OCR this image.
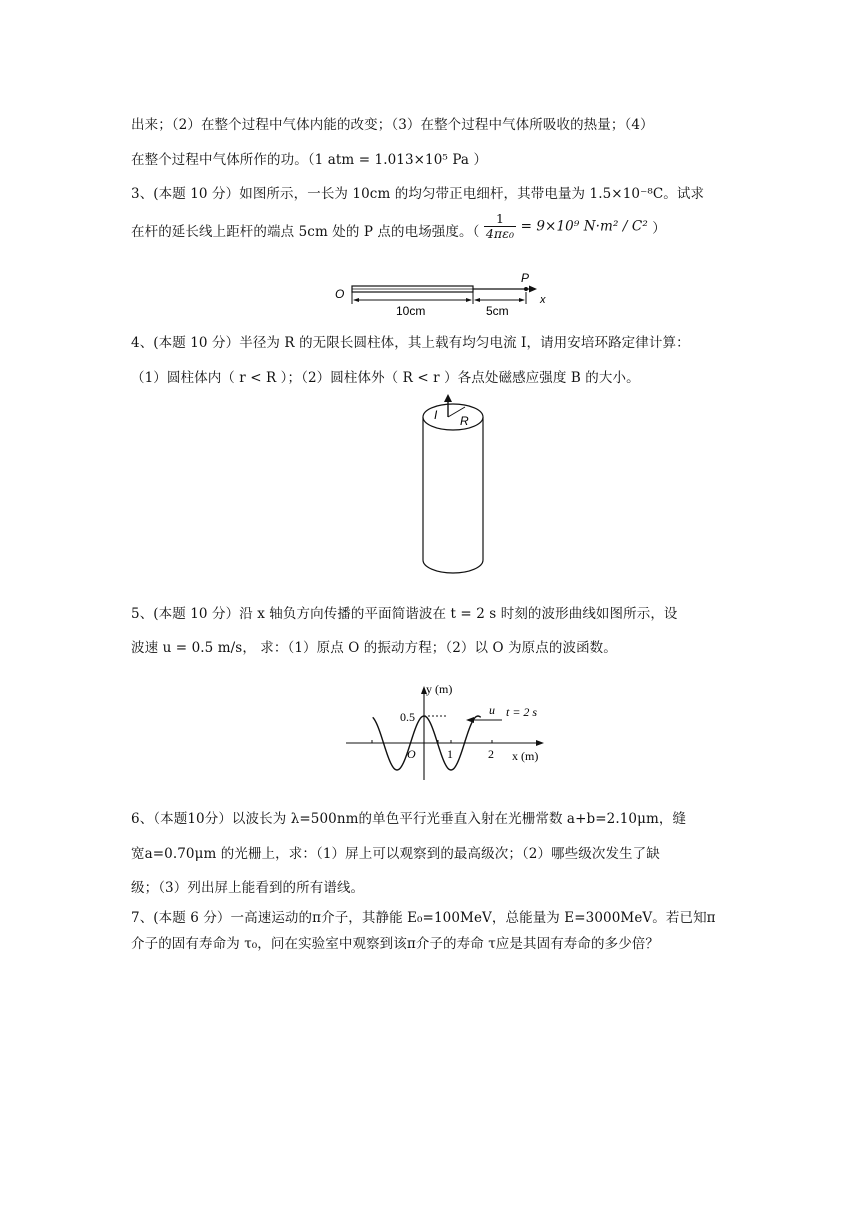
出来；（2）在整个过程中气体内能的改变；（3）在整个过程中气体所吸收的热量；（4）
在整个过程中气体所作的功。（1 atm = 1.013×10⁵ Pa ）
3、(本题 10 分）如图所示，一长为 10cm 的均匀带正电细杆，其带电量为 1.5×10⁻⁸C。试求
在杆的延长线上距杆的端点 5cm 处的 P 点的电场强度。（ $\frac{1}{\text{4πε₀}} = 9\times 10^9$ N·m² / C² ）
O	x
P
10cm	5cm
4、(本题 10 分）半径为 R 的无限长圆柱体，其上载有均匀电流 I，请用安培环路定律计算：
（1）圆柱体内（ r < R ）；（2）圆柱体外（ R < r ）各点处磁感应强度 B 的大小。
I R
5、(本题 10 分）沿 x 轴负方向传播的平面简谐波在 t = 2 s 时刻的波形曲线如图所示，设
波速 u = 0.5 m/s， 求：（1）原点 O 的振动方程；（2）以 O 为原点的波函数。
y (m)
x (m)
0.5
O	1	2
u t = 2 s
6、（本题10分）以波长为 λ=500nm的单色平行光垂直入射在光栅常数 a+b=2.10μm，缝
宽a=0.70μm 的光栅上，求：（1）屏上可以观察到的最高级次；（2）哪些级次发生了缺
级；（3）列出屏上能看到的所有谱线。
7、(本题 6 分）一高速运动的π介子，其静能 E₀=100MeV，总能量为 E=3000MeV。若已知π
介子的固有寿命为 τ₀，问在实验室中观察到该π介子的寿命 τ应是其固有寿命的多少倍？
